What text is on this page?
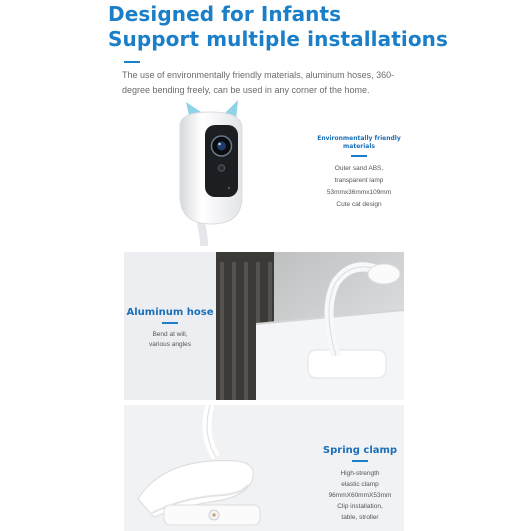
Designed for Infants
Support multiple installations

The use of environmentally friendly materials, aluminum hoses, 360-degree bending freely, can be used in any corner of the home.

Environmentally friendly materials
Outer sand ABS,
transparent lamp
53mmx36mmx109mm
Cute cat design
Aluminum hose
Bend at will,
various angles
Spring clamp
High-strength
elastic clamp
96mmX60mmX53mm
Clip installation,
table, stroller
